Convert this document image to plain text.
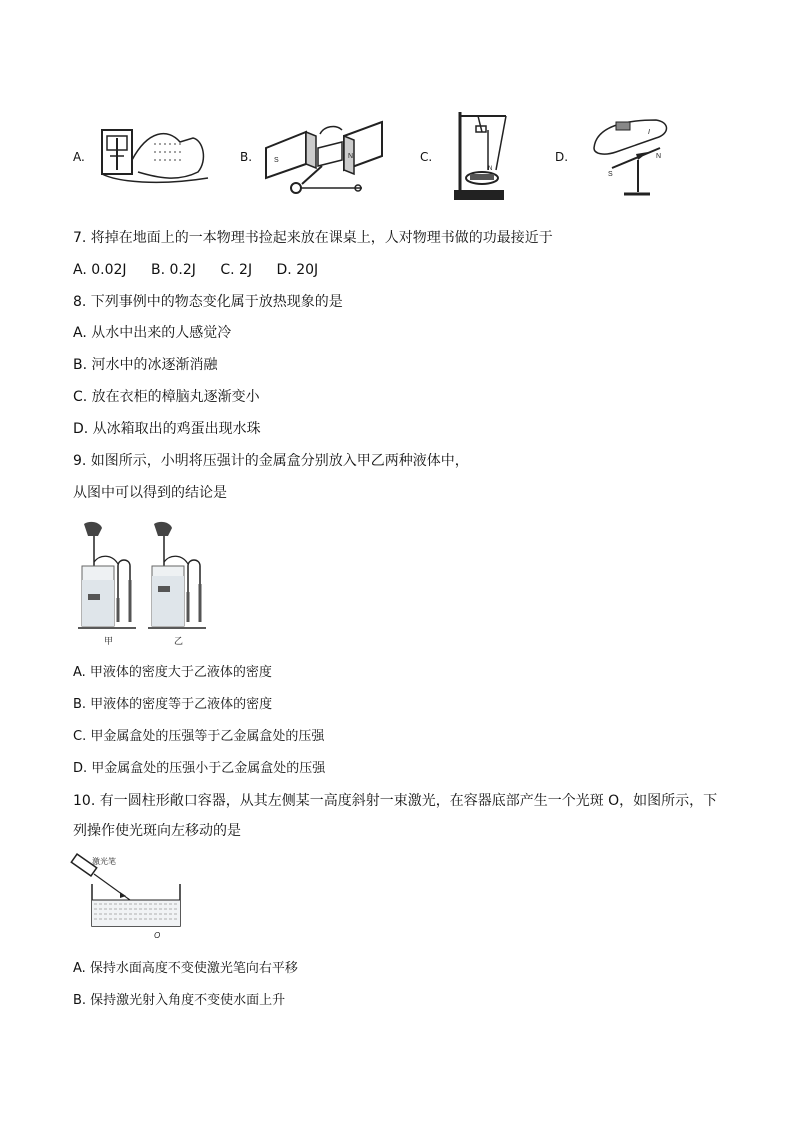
A.	B.	S
N	C.
N
D.
I
S
N
7. 将掉在地面上的一本物理书捡起来放在课桌上，人对物理书做的功最接近于
A. 0.02J B. 0.2J C. 2J D. 20J
8. 下列事例中的物态变化属于放热现象的是
A. 从水中出来的人感觉冷
B. 河水中的冰逐渐消融
C. 放在衣柜的樟脑丸逐渐变小
D. 从冰箱取出的鸡蛋出现水珠
9. 如图所示，小明将压强计的金属盒分别放入甲乙两种液体中，
从图中可以得到的结论是
甲	乙
A. 甲液体的密度大于乙液体的密度
B. 甲液体的密度等于乙液体的密度
C. 甲金属盒处的压强等于乙金属盒处的压强
D. 甲金属盒处的压强小于乙金属盒处的压强
10. 有一圆柱形敞口容器，从其左侧某一高度斜射一束激光，在容器底部产生一个光斑 O，如图所示，下
列操作使光斑向左移动的是
激光笔
O
A. 保持水面高度不变使激光笔向右平移
B. 保持激光射入角度不变使水面上升
